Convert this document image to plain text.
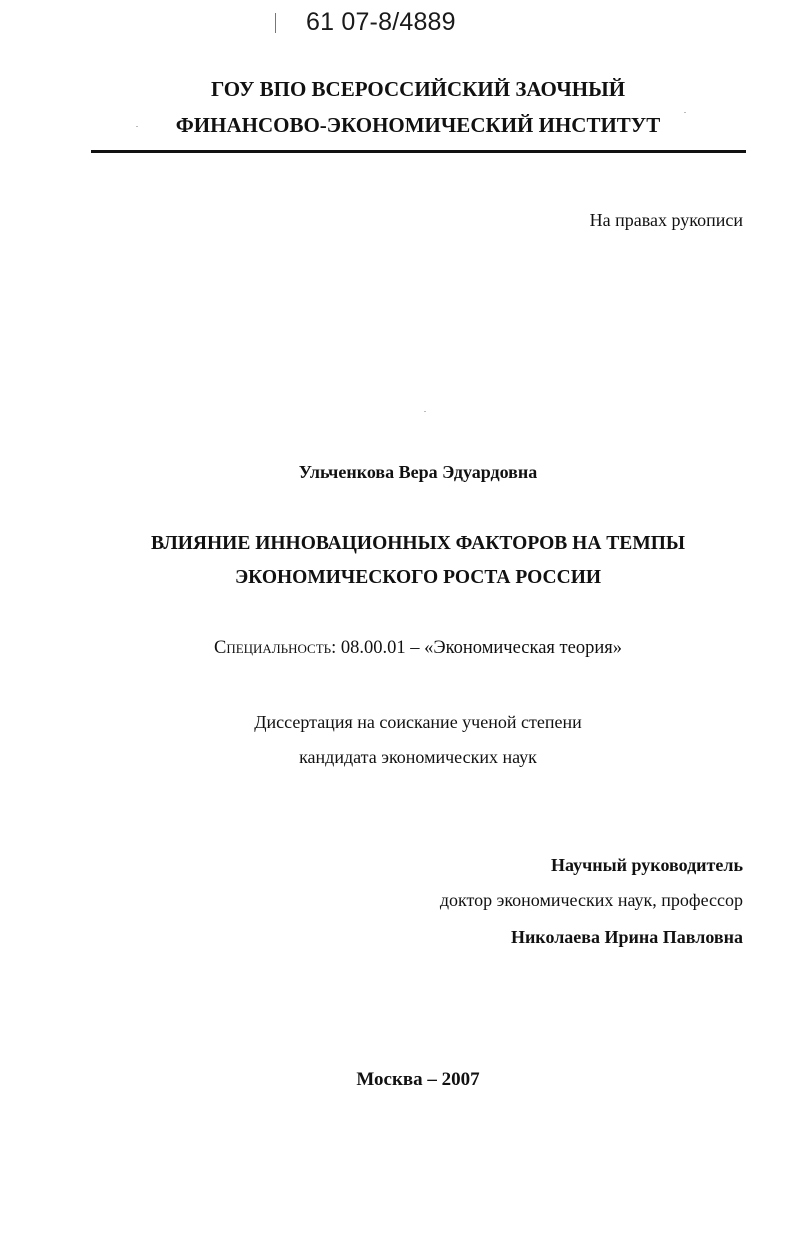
61 07-8/4889
ГОУ ВПО ВСЕРОССИЙСКИЙ ЗАОЧНЫЙ
ФИНАНСОВО-ЭКОНОМИЧЕСКИЙ ИНСТИТУТ
На правах рукописи
Ульченкова Вера Эдуардовна
ВЛИЯНИЕ ИННОВАЦИОННЫХ ФАКТОРОВ НА ТЕМПЫ
ЭКОНОМИЧЕСКОГО РОСТА РОССИИ
Специальность: 08.00.01 – «Экономическая теория»
Диссертация на соискание ученой степени
кандидата экономических наук
Научный руководитель
доктор экономических наук, профессор
Николаева Ирина Павловна
Москва – 2007
